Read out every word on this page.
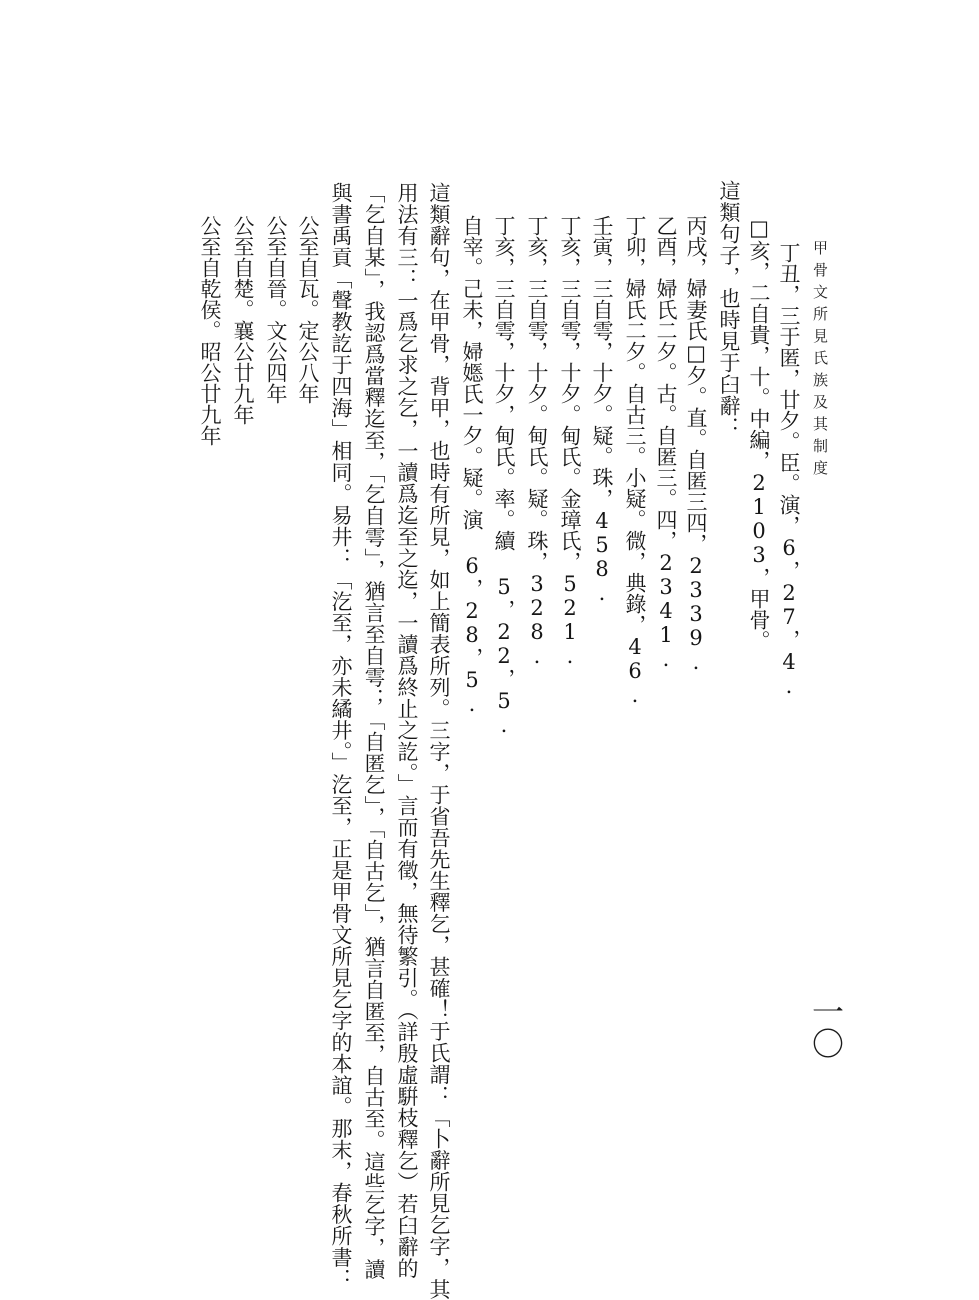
甲骨文所見氏族及其制度
一〇
丁丑，三于匿，廿夕。臣。演，6，27，4.
□亥，二自貴，十。中編，2103，甲骨。
這類句子，也時見于臼辭：
丙戌，婦妻氏□夕。直。自匿三四，2339.
乙酉，婦氏二夕。古。自匿三。四，2341.
丁卯，婦氏二夕。自古三。小疑。微，典錄，46.
壬寅，三自雩，十夕。疑。珠，458.
丁亥，三自雩，十夕。甸氏。金璋氏，521.
丁亥，三自雩，十夕。甸氏。疑。珠，328.
丁亥，三自雩，十夕，甸氏。率。續 5，22，5.
自宰。己未，婦嫕氏一夕。疑。演 6，28，5.
這類辭句，在甲骨，背甲，也時有所見，如上簡表所列。三字，于省吾先生釋乞，甚確！于氏謂：「卜辭所見乞字，其
用法有三：一爲乞求之乞，一讀爲迄至之迄，一讀爲終止之訖。」言而有徵，無待繁引。（詳殷虛騈枝釋乞）若臼辭的
「乞自某」，我認爲當釋迄至，「乞自雩」，猶言至自雩；「自匿乞」，「自古乞」，猶言自匿至，自古至。這些乞字，讀
與書禹貢「聲教訖于四海」相同。易井：「汔至，亦未繘井。」汔至，正是甲骨文所見乞字的本誼。那末，春秋所書：
公至自瓦。定公八年
公至自晉。文公四年
公至自楚。襄公廿九年
公至自乾侯。昭公廿九年
